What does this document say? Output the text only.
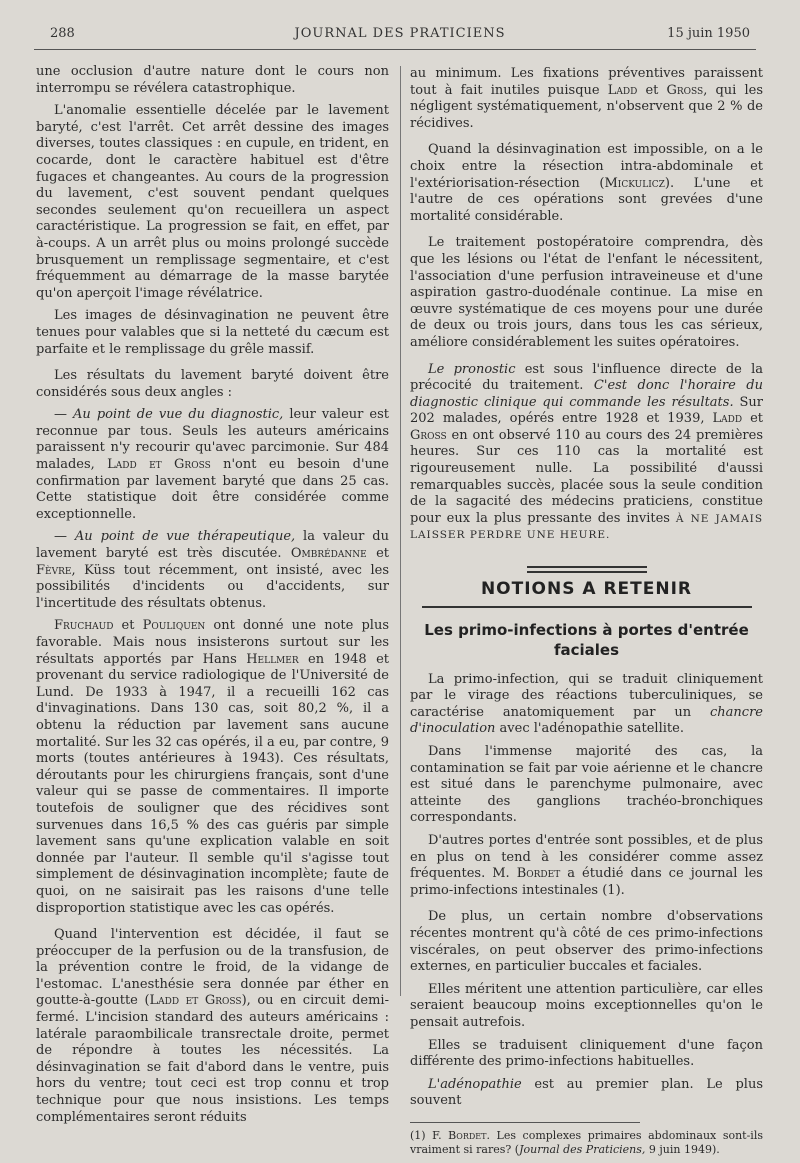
288	JOURNAL DES PRATICIENS	15 juin 1950

une occlusion d'autre nature dont le cours non interrompu se révélera catastrophique.

L'anomalie essentielle décelée par le lavement baryté, c'est l'arrêt. Cet arrêt dessine des images diverses, toutes classiques : en cupule, en trident, en cocarde, dont le caractère habituel est d'être fugaces et changeantes. Au cours de la progression du lavement, c'est souvent pendant quelques secondes seulement qu'on recueillera un aspect caractéristique. La progression se fait, en effet, par à-coups. A un arrêt plus ou moins prolongé succède brusquement un remplissage segmentaire, et c'est fréquemment au démarrage de la masse barytée qu'on aperçoit l'image révélatrice.

Les images de désinvagination ne peuvent être tenues pour valables que si la netteté du cæcum est parfaite et le remplissage du grêle massif.

Les résultats du lavement baryté doivent être considérés sous deux angles :

— Au point de vue du diagnostic, leur valeur est reconnue par tous. Seuls les auteurs américains paraissent n'y recourir qu'avec parcimonie. Sur 484 malades, Ladd et Gross n'ont eu besoin d'une confirmation par lavement baryté que dans 25 cas. Cette statistique doit être considérée comme exceptionnelle.

— Au point de vue thérapeutique, la valeur du lavement baryté est très discutée. Ombrédanne et Fèvre, Küss tout récemment, ont insisté, avec les possibilités d'incidents ou d'accidents, sur l'incertitude des résultats obtenus.

Fruchaud et Pouliquen ont donné une note plus favorable. Mais nous insisterons surtout sur les résultats apportés par Hans Hellmer en 1948 et provenant du service radiologique de l'Université de Lund. De 1933 à 1947, il a recueilli 162 cas d'invaginations. Dans 130 cas, soit 80,2 %, il a obtenu la réduction par lavement sans aucune mortalité. Sur les 32 cas opérés, il a eu, par contre, 9 morts (toutes antérieures à 1943). Ces résultats, déroutants pour les chirurgiens français, sont d'une valeur qui se passe de commentaires. Il importe toutefois de souligner que des récidives sont survenues dans 16,5 % des cas guéris par simple lavement sans qu'une explication valable en soit donnée par l'auteur. Il semble qu'il s'agisse tout simplement de désinvagination incomplète; faute de quoi, on ne saisirait pas les raisons d'une telle disproportion statistique avec les cas opérés.

Quand l'intervention est décidée, il faut se préoccuper de la perfusion ou de la transfusion, de la prévention contre le froid, de la vidange de l'estomac. L'anesthésie sera donnée par éther en goutte-à-goutte (Ladd et Gross), ou en circuit demi-fermé. L'incision standard des auteurs américains : latérale paraombilicale transrectale droite, permet de répondre à toutes les nécessités. La désinvagination se fait d'abord dans le ventre, puis hors du ventre; tout ceci est trop connu et trop technique pour que nous insistions. Les temps complémentaires seront réduits

au minimum. Les fixations préventives paraissent tout à fait inutiles puisque Ladd et Gross, qui les négligent systématiquement, n'observent que 2 % de récidives.

Quand la désinvagination est impossible, on a le choix entre la résection intra-abdominale et l'extériorisation-résection (Mickulicz). L'une et l'autre de ces opérations sont grevées d'une mortalité considérable.

Le traitement postopératoire comprendra, dès que les lésions ou l'état de l'enfant le nécessitent, l'association d'une perfusion intraveineuse et d'une aspiration gastro-duodénale continue. La mise en œuvre systématique de ces moyens pour une durée de deux ou trois jours, dans tous les cas sérieux, améliore considérablement les suites opératoires.

Le pronostic est sous l'influence directe de la précocité du traitement. C'est donc l'horaire du diagnostic clinique qui commande les résultats. Sur 202 malades, opérés entre 1928 et 1939, Ladd et Gross en ont observé 110 au cours des 24 premières heures. Sur ces 110 cas la mortalité est rigoureusement nulle. La possibilité d'aussi remarquables succès, placée sous la seule condition de la sagacité des médecins praticiens, constitue pour eux la plus pressante des invites À NE JAMAIS LAISSER PERDRE UNE HEURE.

NOTIONS A RETENIR
Les primo-infections à portes d'entrée faciales

La primo-infection, qui se traduit cliniquement par le virage des réactions tuberculiniques, se caractérise anatomiquement par un chancre d'inoculation avec l'adénopathie satellite.

Dans l'immense majorité des cas, la contamination se fait par voie aérienne et le chancre est situé dans le parenchyme pulmonaire, avec atteinte des ganglions trachéo-bronchiques correspondants.

D'autres portes d'entrée sont possibles, et de plus en plus on tend à les considérer comme assez fréquentes. M. Bordet a étudié dans ce journal les primo-infections intestinales (1).

De plus, un certain nombre d'observations récentes montrent qu'à côté de ces primo-infections viscérales, on peut observer des primo-infections externes, en particulier buccales et faciales.

Elles méritent une attention particulière, car elles seraient beaucoup moins exceptionnelles qu'on le pensait autrefois.

Elles se traduisent cliniquement d'une façon différente des primo-infections habituelles.

L'adénopathie est au premier plan. Le plus souvent

(1) F. Bordet. Les complexes primaires abdominaux sont-ils vraiment si rares? (Journal des Praticiens, 9 juin 1949).
